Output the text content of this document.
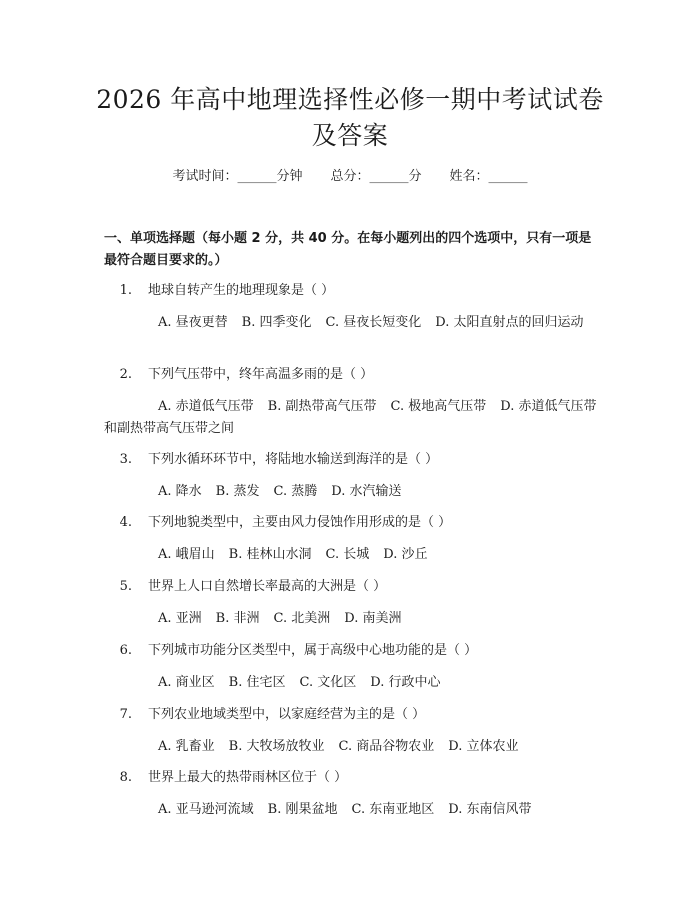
2026 年高中地理选择性必修一期中考试试卷
及答案
考试时间：______分钟 总分：______分 姓名：______
一、单项选择题（每小题 2 分，共 40 分。在每小题列出的四个选项中，只有一项是最符合题目要求的。）
1. 地球自转产生的地理现象是（ ）
A. 昼夜更替 B. 四季变化 C. 昼夜长短变化 D. 太阳直射点的回归运动
2. 下列气压带中，终年高温多雨的是（ ）
A. 赤道低气压带 B. 副热带高气压带 C. 极地高气压带 D. 赤道低气压带和副热带高气压带之间
3. 下列水循环环节中，将陆地水输送到海洋的是（ ）
A. 降水 B. 蒸发 C. 蒸腾 D. 水汽输送
4. 下列地貌类型中，主要由风力侵蚀作用形成的是（ ）
A. 峨眉山 B. 桂林山水洞 C. 长城 D. 沙丘
5. 世界上人口自然增长率最高的大洲是（ ）
A. 亚洲 B. 非洲 C. 北美洲 D. 南美洲
6. 下列城市功能分区类型中，属于高级中心地功能的是（ ）
A. 商业区 B. 住宅区 C. 文化区 D. 行政中心
7. 下列农业地域类型中，以家庭经营为主的是（ ）
A. 乳畜业 B. 大牧场放牧业 C. 商品谷物农业 D. 立体农业
8. 世界上最大的热带雨林区位于（ ）
A. 亚马逊河流域 B. 刚果盆地 C. 东南亚地区 D. 东南信风带
